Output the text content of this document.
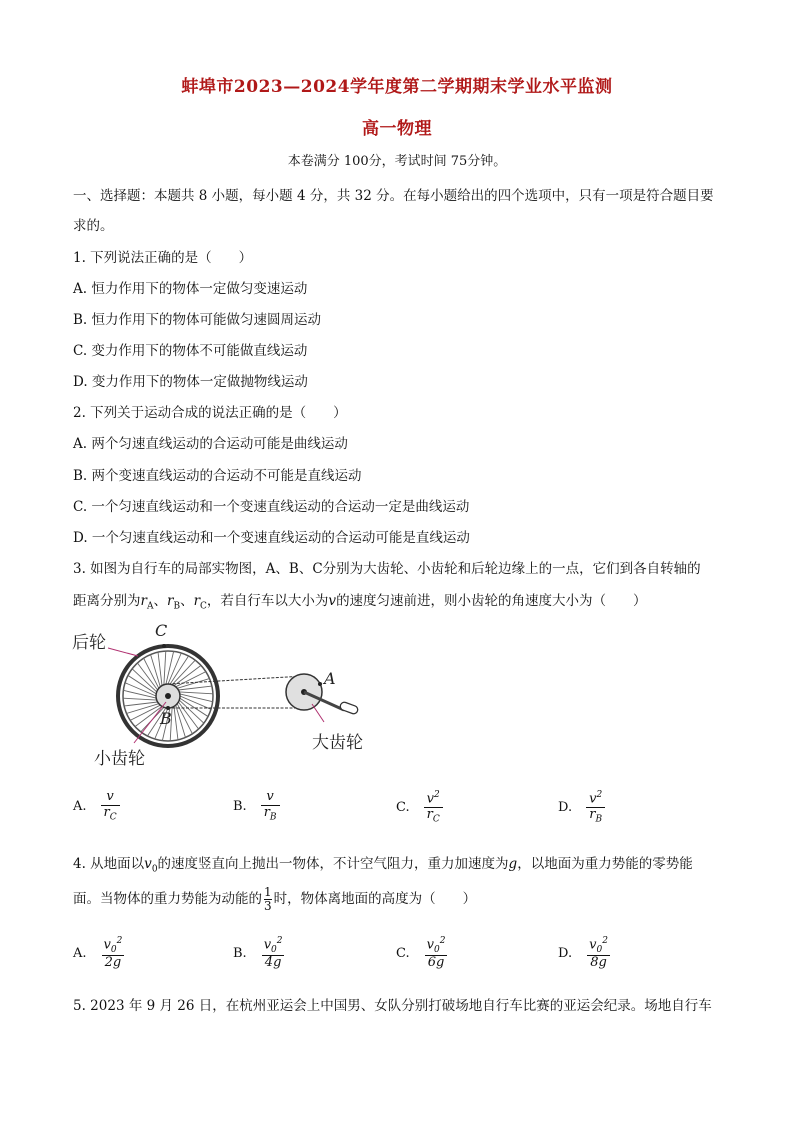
蚌埠市2023—2024学年度第二学期期末学业水平监测
高一物理
本卷满分 100分，考试时间 75分钟。
一、选择题：本题共 8 小题，每小题 4 分，共 32 分。在每小题给出的四个选项中，只有一项是符合题目要
求的。
1. 下列说法正确的是（　　）
A. 恒力作用下的物体一定做匀变速运动
B. 恒力作用下的物体可能做匀速圆周运动
C. 变力作用下的物体不可能做直线运动
D. 变力作用下的物体一定做抛物线运动
2. 下列关于运动合成的说法正确的是（　　）
A. 两个匀速直线运动的合运动可能是曲线运动
B. 两个变速直线运动的合运动不可能是直线运动
C. 一个匀速直线运动和一个变速直线运动的合运动一定是曲线运动
D. 一个匀速直线运动和一个变速直线运动的合运动可能是直线运动
3. 如图为自行车的局部实物图，A、B、C分别为大齿轮、小齿轮和后轮边缘上的一点，它们到各自转轴的
距离分别为$r_A$、$r_B$、$r_C$，若自行车以大小为v的速度匀速前进，则小齿轮的角速度大小为（　　）
后轮
小齿轮
大齿轮
C
A
B
A. $\frac{v}{r_C}$	B. $\frac{v}{r_B}$	C. $\frac{v^2}{r_C}$	D. $\frac{v^2}{r_B}$
4. 从地面以$v_0$的速度竖直向上抛出一物体，不计空气阻力，重力加速度为g，以地面为重力势能的零势能
面。当物体的重力势能为动能的 $\frac{1}{3}$ 时，物体离地面的高度为（　　）
A. $\frac{v_0^2}{2g}$	B. $\frac{v_0^2}{4g}$	C. $\frac{v_0^2}{6g}$	D. $\frac{v_0^2}{8g}$
5. 2023 年 9 月 26 日，在杭州亚运会上中国男、女队分别打破场地自行车比赛的亚运会纪录。场地自行车
